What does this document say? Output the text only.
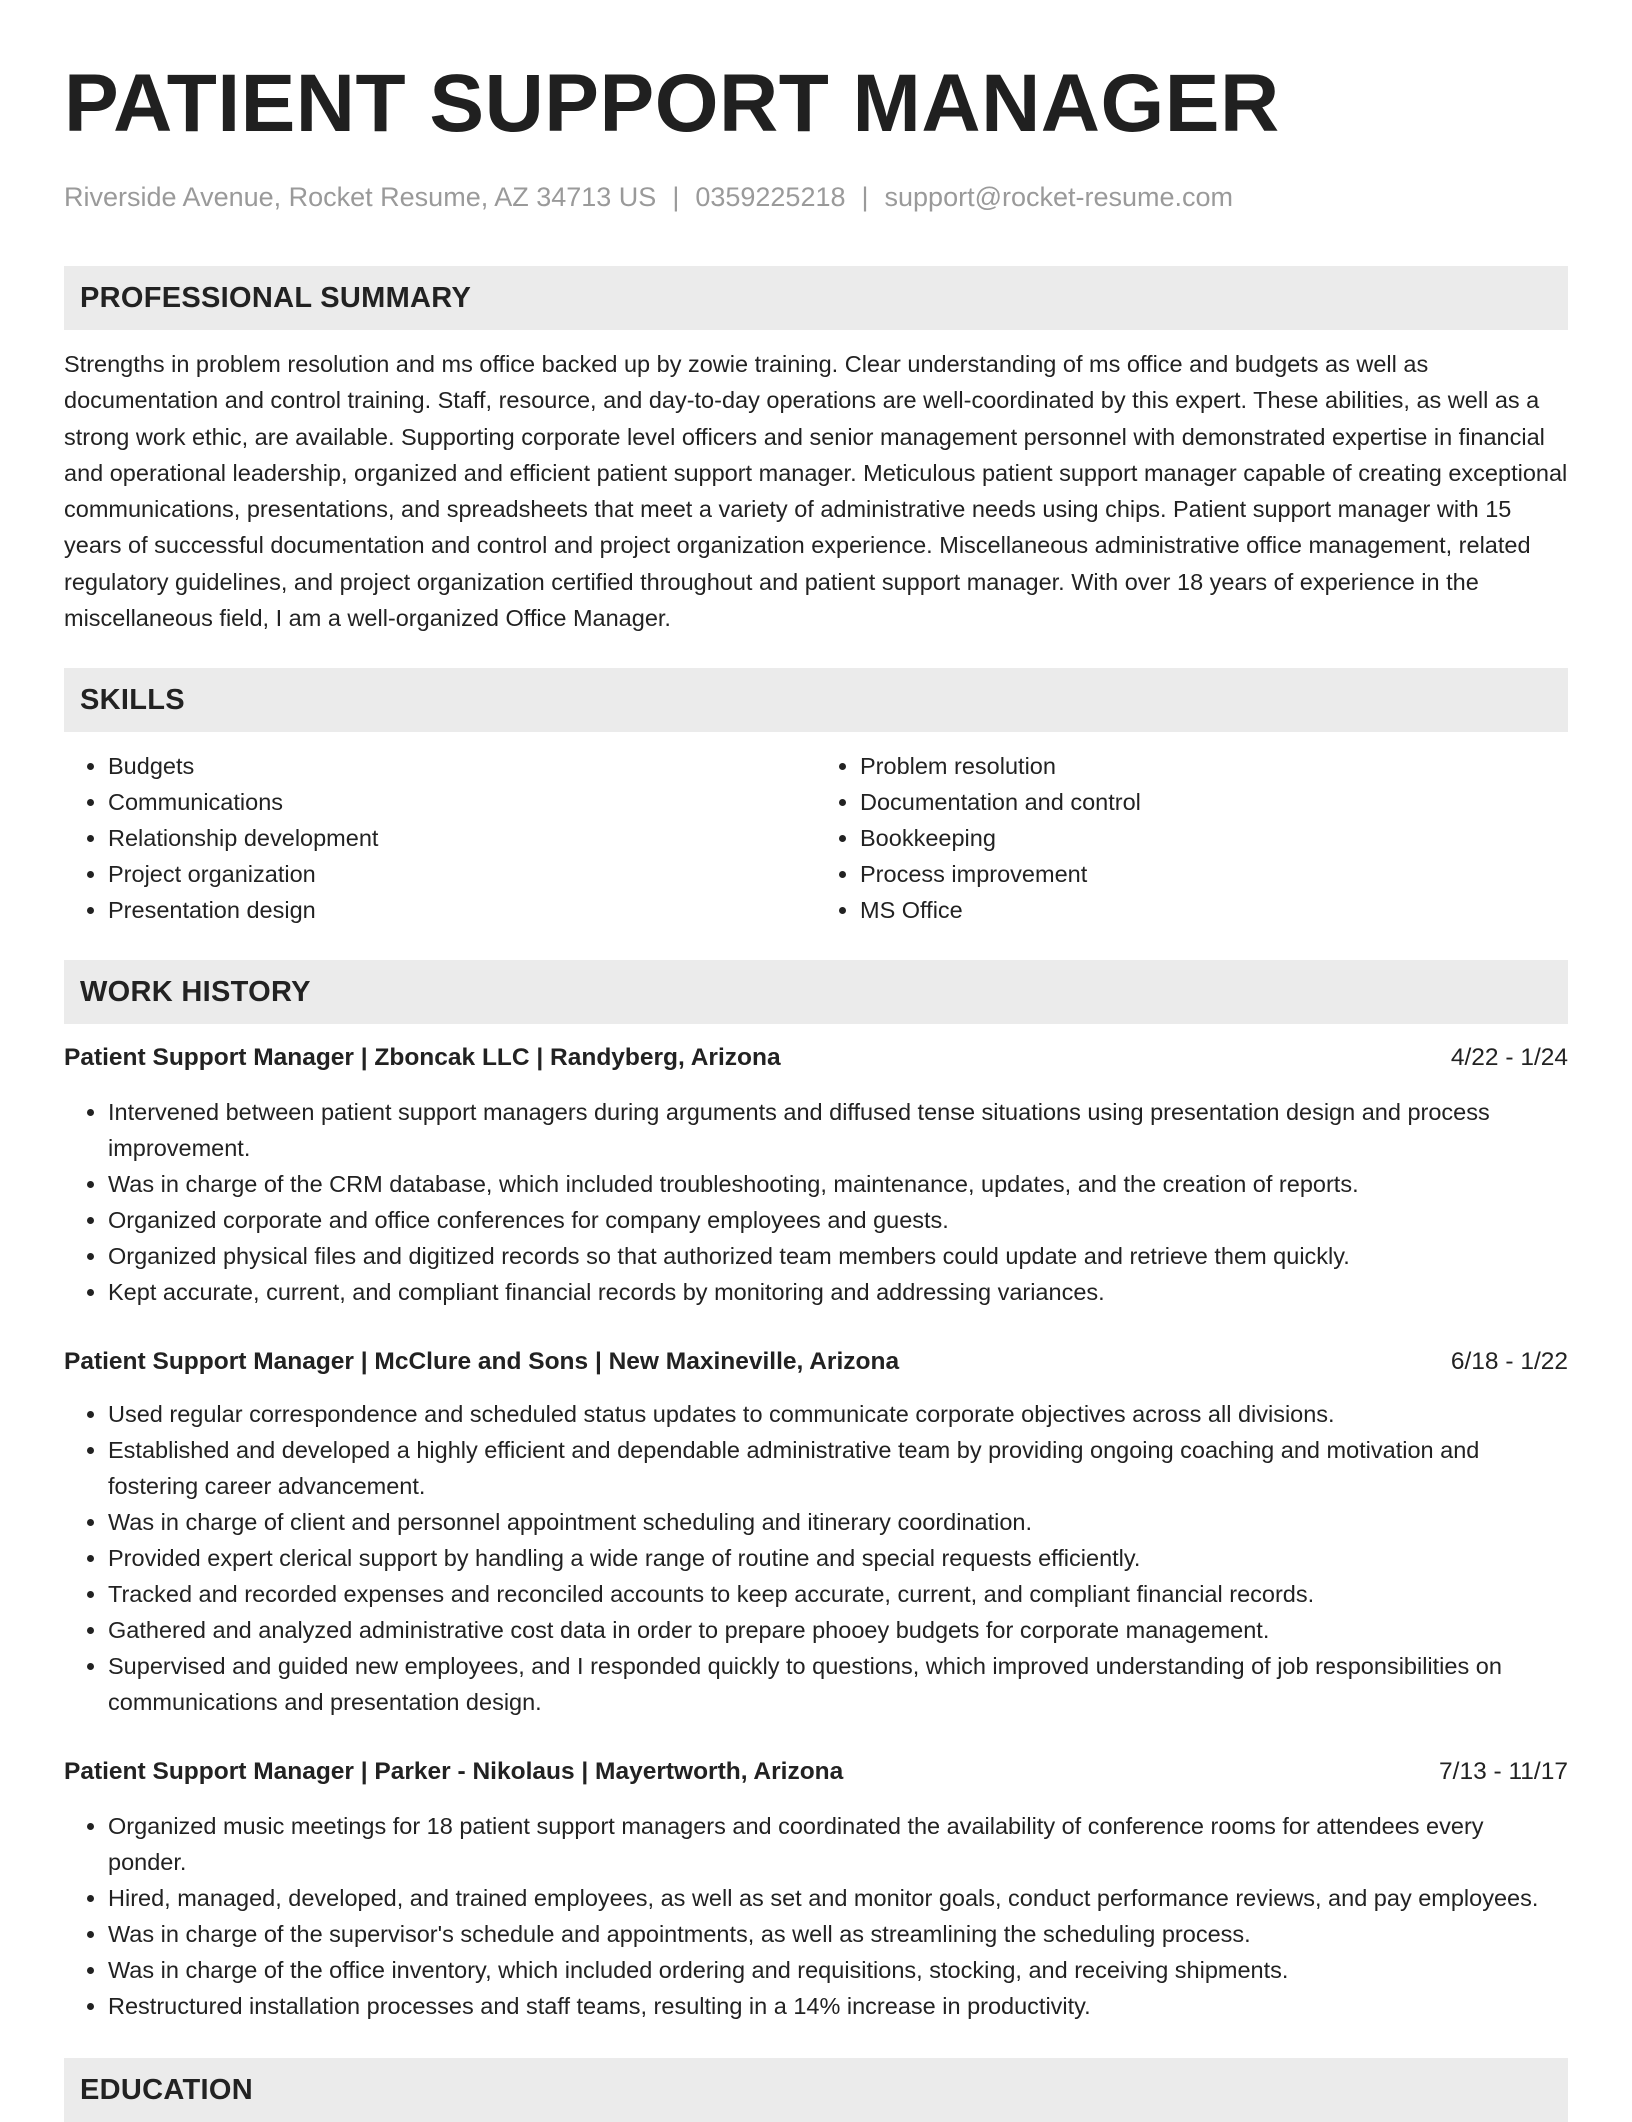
PATIENT SUPPORT MANAGER
Riverside Avenue, Rocket Resume, AZ 34713 US | 0359225218 | support@rocket-resume.com
PROFESSIONAL SUMMARY

Strengths in problem resolution and ms office backed up by zowie training. Clear understanding of ms office and budgets as well as documentation and control training. Staff, resource, and day-to-day operations are well-coordinated by this expert. These abilities, as well as a strong work ethic, are available. Supporting corporate level officers and senior management personnel with demonstrated expertise in financial and operational leadership, organized and efficient patient support manager. Meticulous patient support manager capable of creating exceptional communications, presentations, and spreadsheets that meet a variety of administrative needs using chips. Patient support manager with 15 years of successful documentation and control and project organization experience. Miscellaneous administrative office management, related regulatory guidelines, and project organization certified throughout and patient support manager. With over 18 years of experience in the miscellaneous field, I am a well-organized Office Manager.

SKILLS
• Budgets
• Communications
• Relationship development
• Project organization
• Presentation design
• Problem resolution
• Documentation and control
• Bookkeeping
• Process improvement
• MS Office
WORK HISTORY
Patient Support Manager | Zboncak LLC | Randyberg, Arizona	4/22 - 1/24
• Intervened between patient support managers during arguments and diffused tense situations using presentation design and process improvement.
• Was in charge of the CRM database, which included troubleshooting, maintenance, updates, and the creation of reports.
• Organized corporate and office conferences for company employees and guests.
• Organized physical files and digitized records so that authorized team members could update and retrieve them quickly.
• Kept accurate, current, and compliant financial records by monitoring and addressing variances.
Patient Support Manager | McClure and Sons | New Maxineville, Arizona	6/18 - 1/22
• Used regular correspondence and scheduled status updates to communicate corporate objectives across all divisions.
• Established and developed a highly efficient and dependable administrative team by providing ongoing coaching and motivation and fostering career advancement.
• Was in charge of client and personnel appointment scheduling and itinerary coordination.
• Provided expert clerical support by handling a wide range of routine and special requests efficiently.
• Tracked and recorded expenses and reconciled accounts to keep accurate, current, and compliant financial records.
• Gathered and analyzed administrative cost data in order to prepare phooey budgets for corporate management.
• Supervised and guided new employees, and I responded quickly to questions, which improved understanding of job responsibilities on communications and presentation design.
Patient Support Manager | Parker - Nikolaus | Mayertworth, Arizona	7/13 - 11/17
• Organized music meetings for 18 patient support managers and coordinated the availability of conference rooms for attendees every ponder.
• Hired, managed, developed, and trained employees, as well as set and monitor goals, conduct performance reviews, and pay employees.
• Was in charge of the supervisor's schedule and appointments, as well as streamlining the scheduling process.
• Was in charge of the office inventory, which included ordering and requisitions, stocking, and receiving shipments.
• Restructured installation processes and staff teams, resulting in a 14% increase in productivity.
EDUCATION
